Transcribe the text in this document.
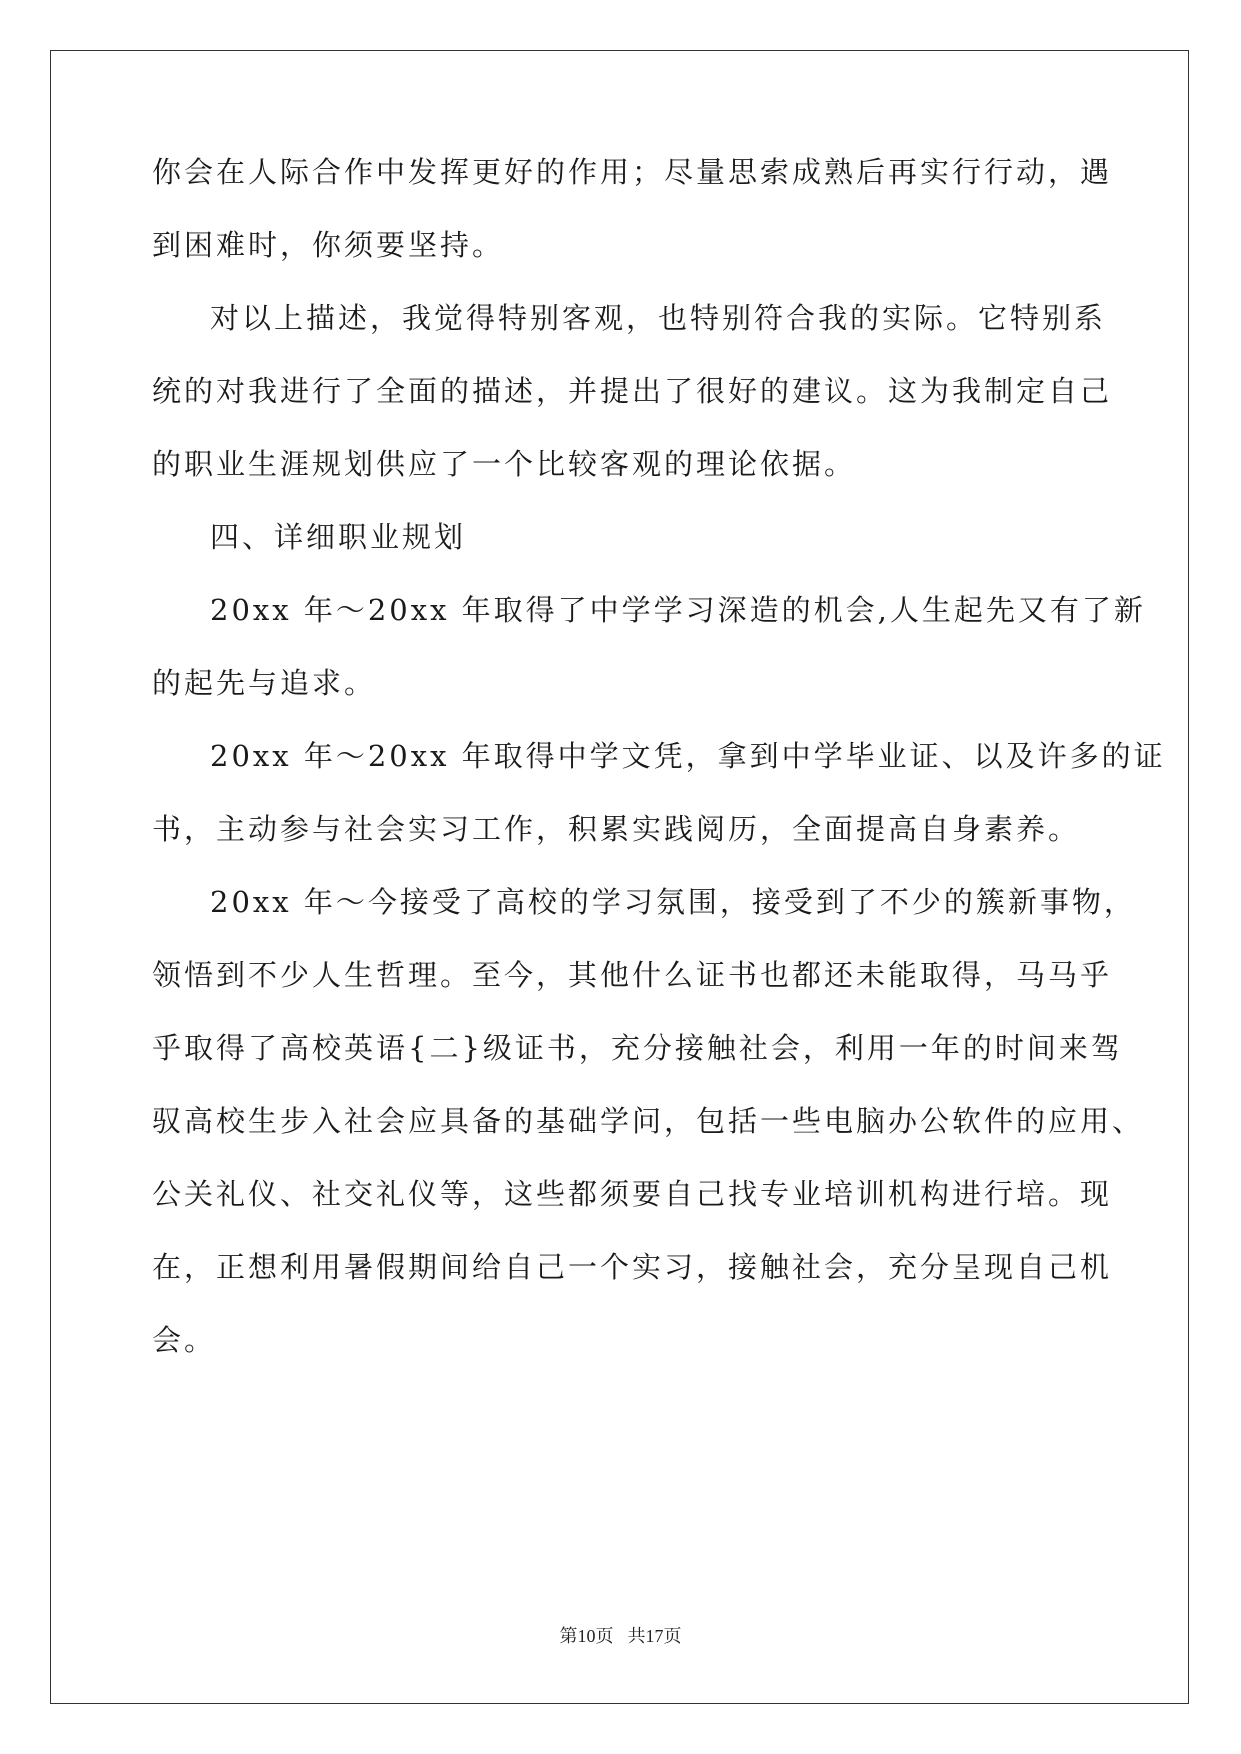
你会在人际合作中发挥更好的作用；尽量思索成熟后再实行行动，遇
到困难时，你须要坚持。
对以上描述，我觉得特别客观，也特别符合我的实际。它特别系
统的对我进行了全面的描述，并提出了很好的建议。这为我制定自己
的职业生涯规划供应了一个比较客观的理论依据。
四、详细职业规划
20xx 年～20xx 年取得了中学学习深造的机会,人生起先又有了新
的起先与追求。
20xx 年～20xx 年取得中学文凭，拿到中学毕业证、以及许多的证
书，主动参与社会实习工作，积累实践阅历，全面提高自身素养。
20xx 年～今接受了高校的学习氛围，接受到了不少的簇新事物，
领悟到不少人生哲理。至今，其他什么证书也都还未能取得，马马乎
乎取得了高校英语{二}级证书，充分接触社会，利用一年的时间来驾
驭高校生步入社会应具备的基础学问，包括一些电脑办公软件的应用、
公关礼仪、社交礼仪等，这些都须要自己找专业培训机构进行培。现
在，正想利用暑假期间给自己一个实习，接触社会，充分呈现自己机
会。
第10页 共17页
